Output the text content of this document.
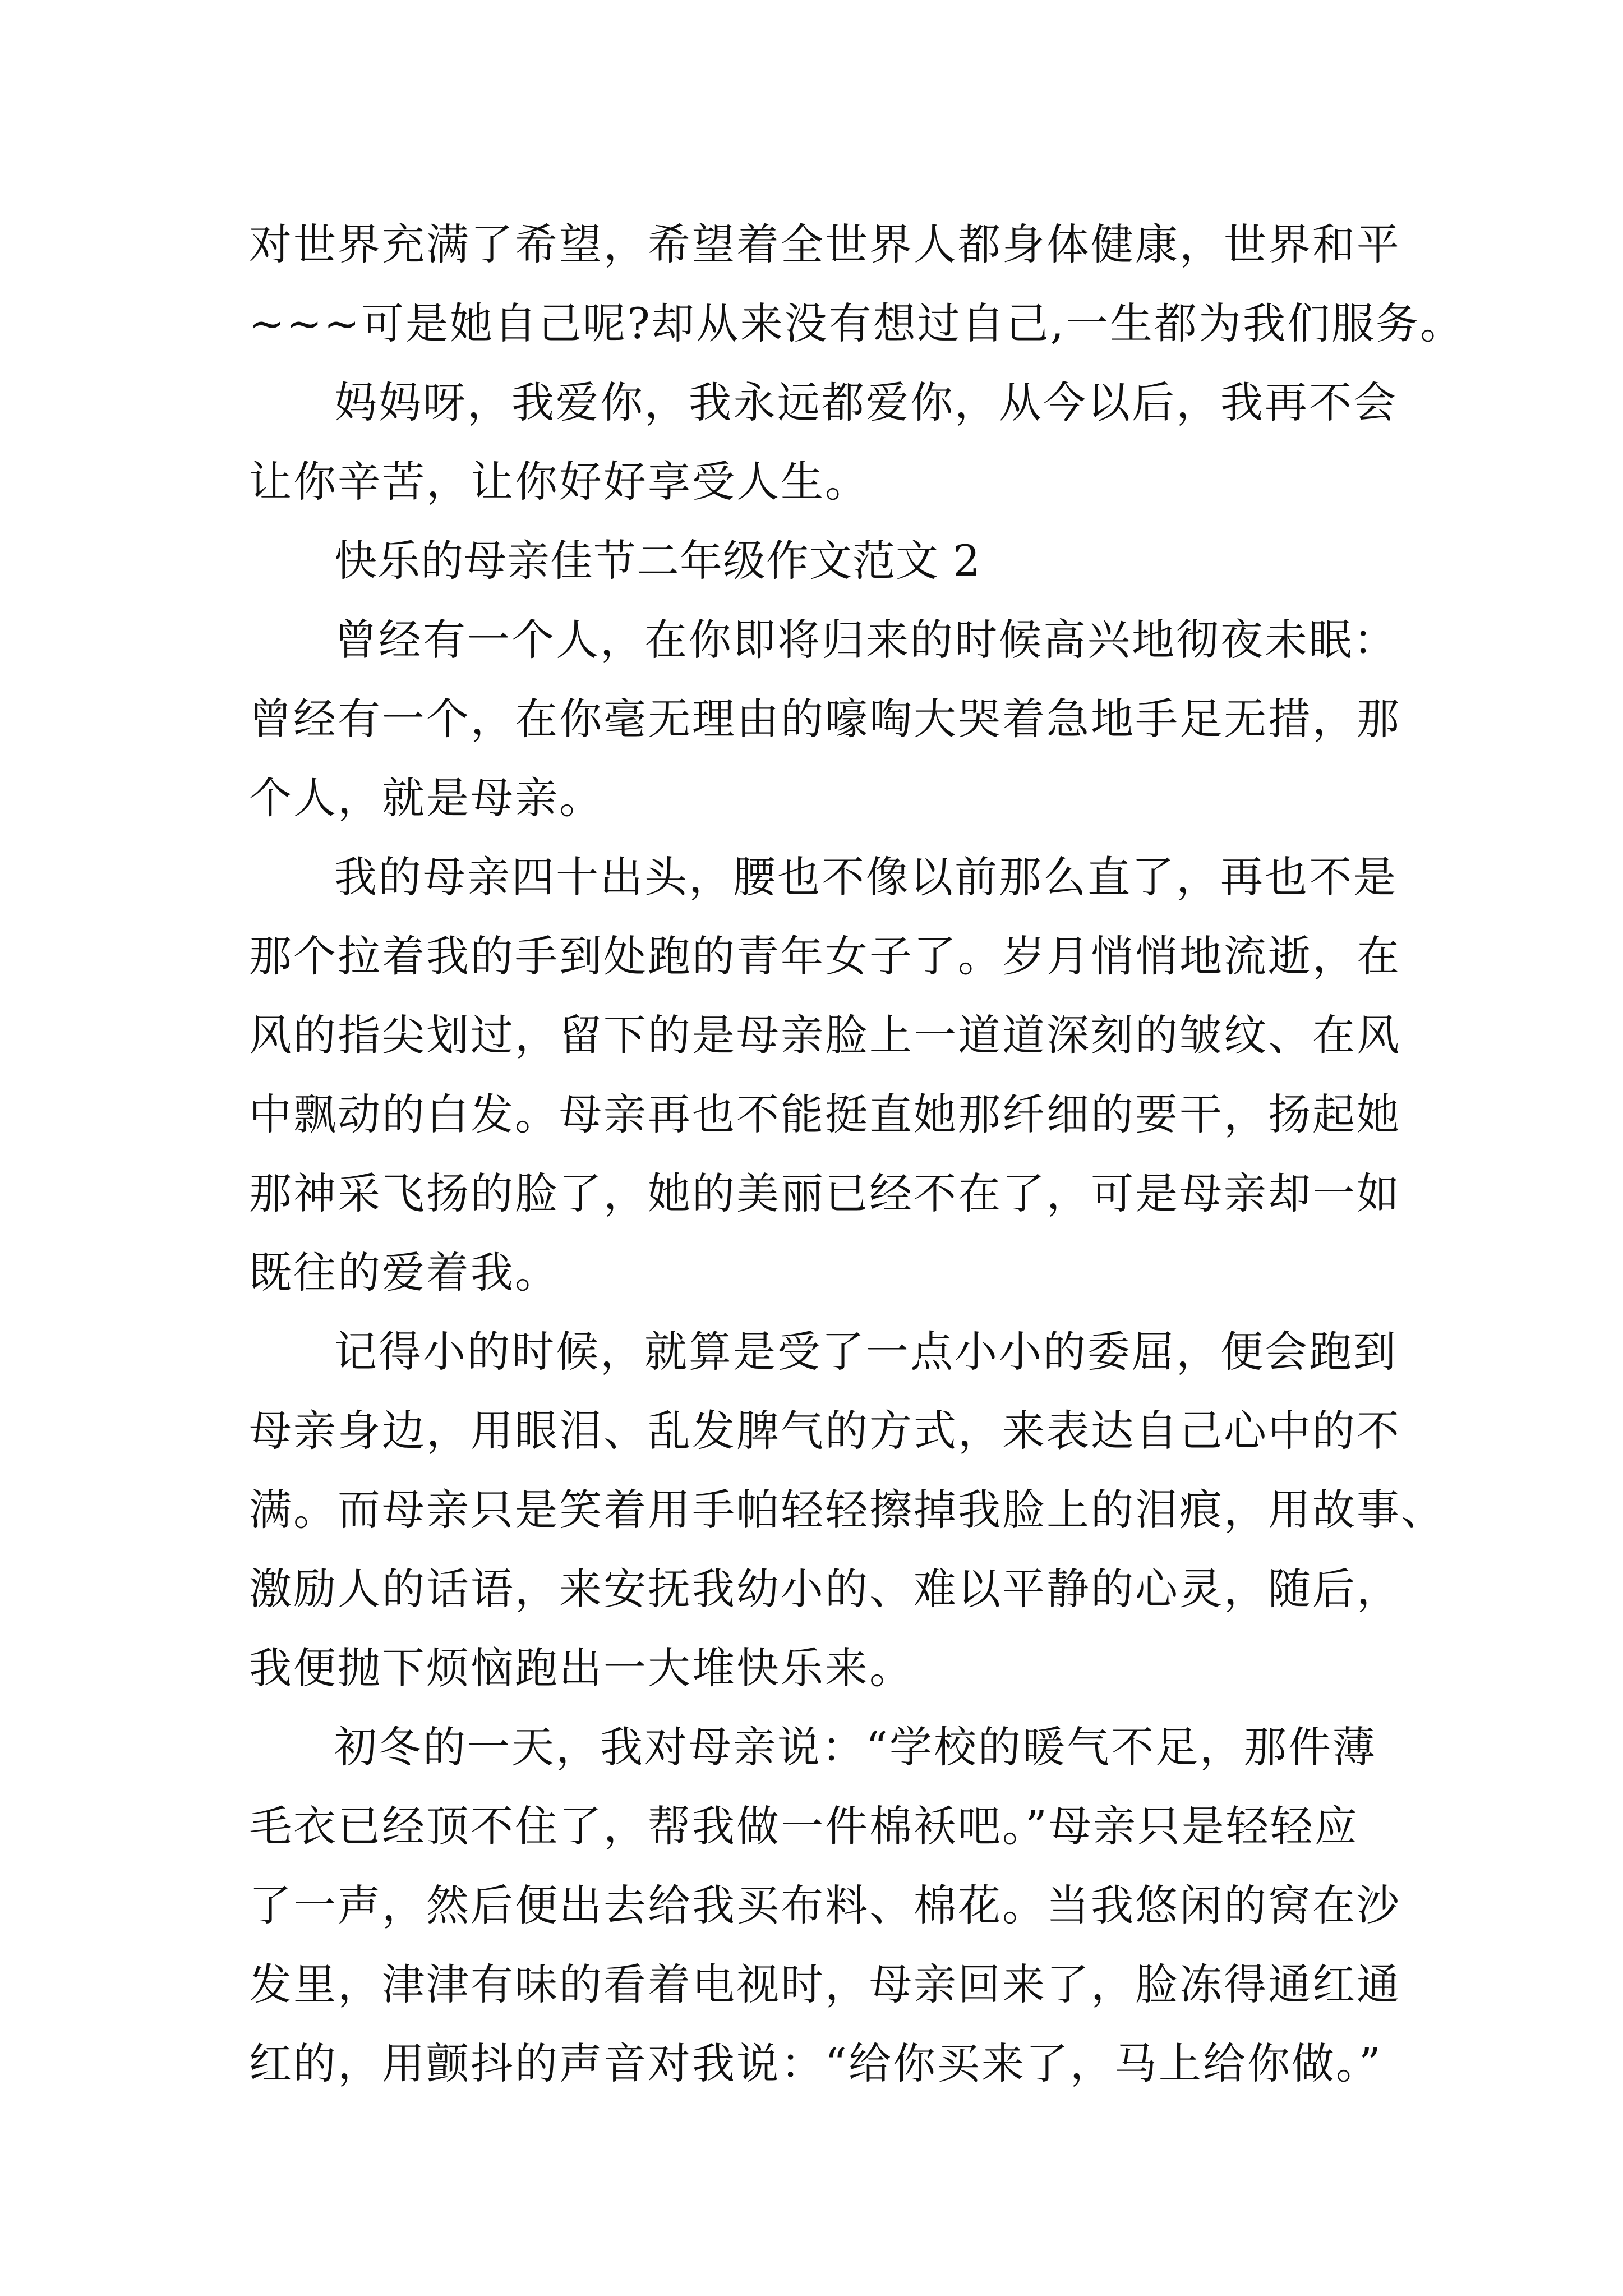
对世界充满了希望，希望着全世界人都身体健康，世界和平
~~~可是她自己呢?却从来没有想过自己,一生都为我们服务。
妈妈呀，我爱你，我永远都爱你，从今以后，我再不会
让你辛苦，让你好好享受人生。
快乐的母亲佳节二年级作文范文 2
曾经有一个人，在你即将归来的时候高兴地彻夜未眠：
曾经有一个，在你毫无理由的嚎啕大哭着急地手足无措，那
个人，就是母亲。
我的母亲四十出头，腰也不像以前那么直了，再也不是
那个拉着我的手到处跑的青年女子了。岁月悄悄地流逝，在
风的指尖划过，留下的是母亲脸上一道道深刻的皱纹、在风
中飘动的白发。母亲再也不能挺直她那纤细的要干，扬起她
那神采飞扬的脸了，她的美丽已经不在了，可是母亲却一如
既往的爱着我。
记得小的时候，就算是受了一点小小的委屈，便会跑到
母亲身边，用眼泪、乱发脾气的方式，来表达自己心中的不
满。而母亲只是笑着用手帕轻轻擦掉我脸上的泪痕，用故事、
激励人的话语，来安抚我幼小的、难以平静的心灵，随后，
我便抛下烦恼跑出一大堆快乐来。
初冬的一天，我对母亲说：“学校的暖气不足，那件薄
毛衣已经顶不住了，帮我做一件棉袄吧。”母亲只是轻轻应
了一声，然后便出去给我买布料、棉花。当我悠闲的窝在沙
发里，津津有味的看着电视时，母亲回来了，脸冻得通红通
红的，用颤抖的声音对我说：“给你买来了，马上给你做。”
